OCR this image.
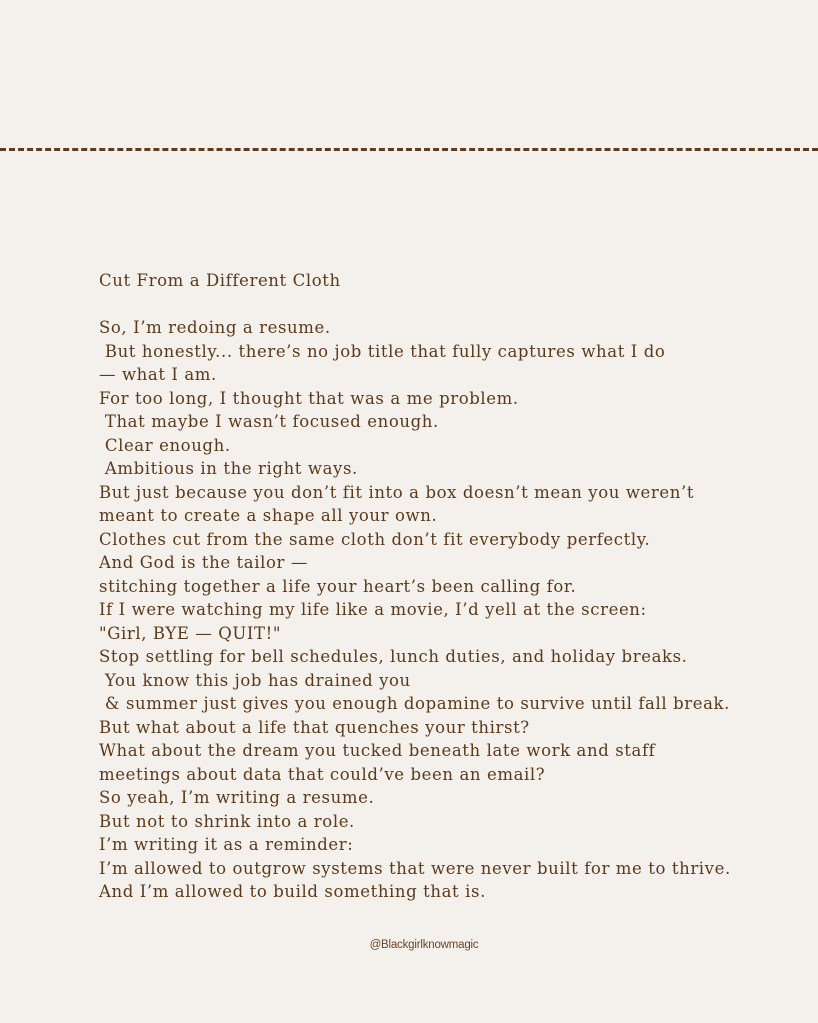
Cut From a Different Cloth
So, I’m redoing a resume.
But honestly... there’s no job title that fully captures what I do
— what I am.
For too long, I thought that was a me problem.
That maybe I wasn’t focused enough.
Clear enough.
Ambitious in the right ways.
But just because you don’t fit into a box doesn’t mean you weren’t
meant to create a shape all your own.
Clothes cut from the same cloth don’t fit everybody perfectly.
And God is the tailor —
stitching together a life your heart’s been calling for.
If I were watching my life like a movie, I’d yell at the screen:
"Girl, BYE — QUIT!"
Stop settling for bell schedules, lunch duties, and holiday breaks.
You know this job has drained you
& summer just gives you enough dopamine to survive until fall break.
But what about a life that quenches your thirst?
What about the dream you tucked beneath late work and staff
meetings about data that could’ve been an email?
So yeah, I’m writing a resume.
But not to shrink into a role.
I’m writing it as a reminder:
I’m allowed to outgrow systems that were never built for me to thrive.
And I’m allowed to build something that is.
@Blackgirlknowmagic
